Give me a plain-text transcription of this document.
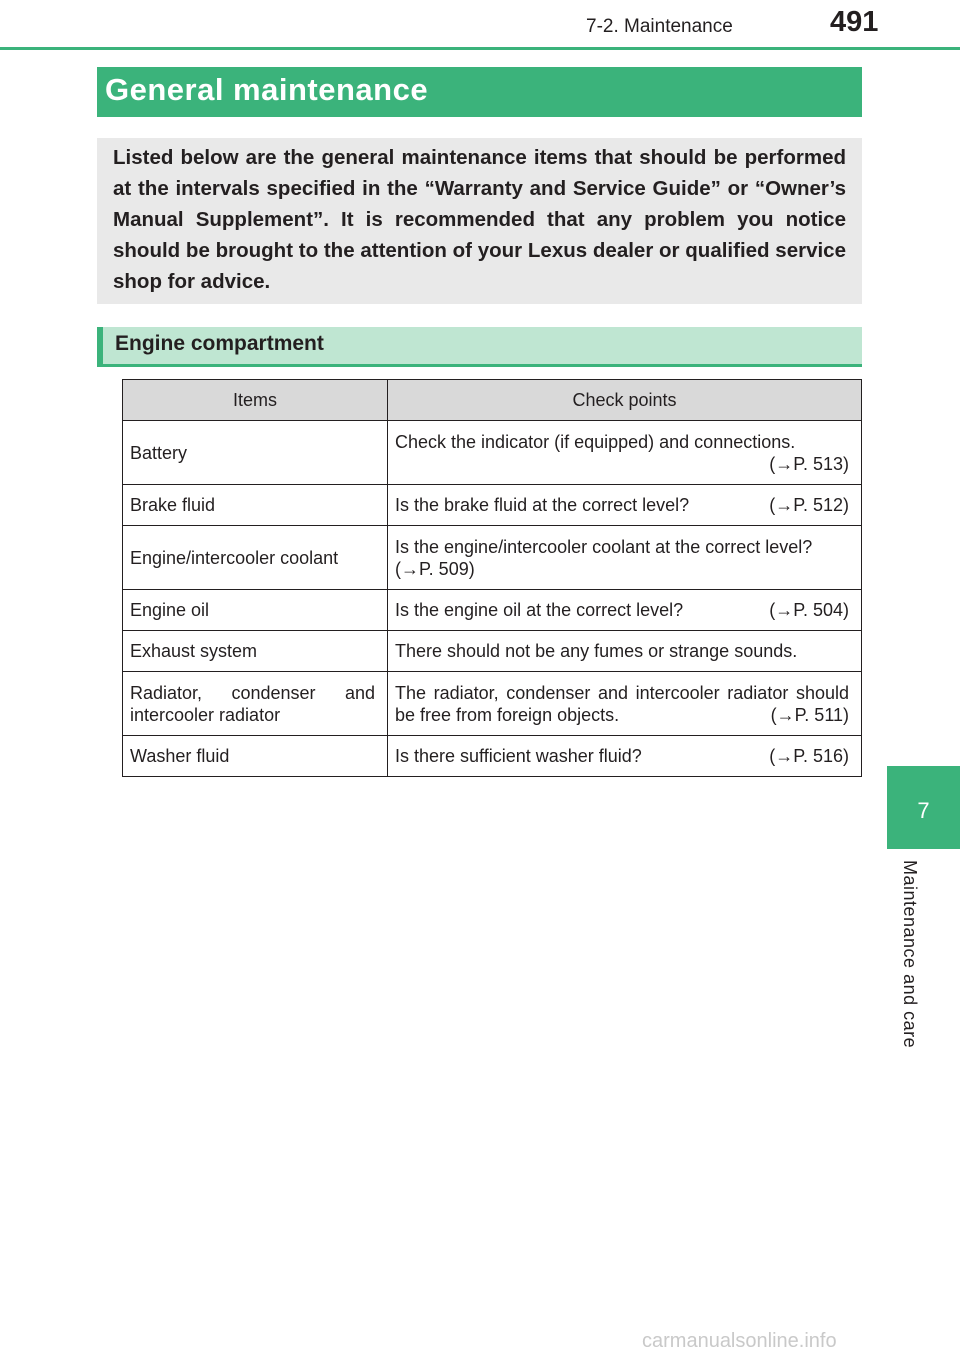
7-2. Maintenance	491
General maintenance
Listed below are the general maintenance items that should be performed at the intervals specified in the “Warranty and Service Guide” or “Owner’s Manual Supplement”. It is recommended that any problem you notice should be brought to the attention of your Lexus dealer or qualified service shop for advice.
Engine compartment
Items	Check points
Battery	Check the indicator (if equipped) and connections.
(→P. 513)

Brake fluid	Is the brake fluid at the correct level? (→P. 512)

Engine/intercooler coolant	Is the engine/intercooler coolant at the correct level?
(→P. 509)

Engine oil	Is the engine oil at the correct level? (→P. 504)

Exhaust system	There should not be any fumes or strange sounds.
Radiator, condenser and intercooler radiator	The radiator, condenser and intercooler radiator should be free from foreign objects. (→P. 511)

Washer fluid	Is there sufficient washer fluid? (→P. 516)
7
Maintenance and care
carmanualsonline.info
